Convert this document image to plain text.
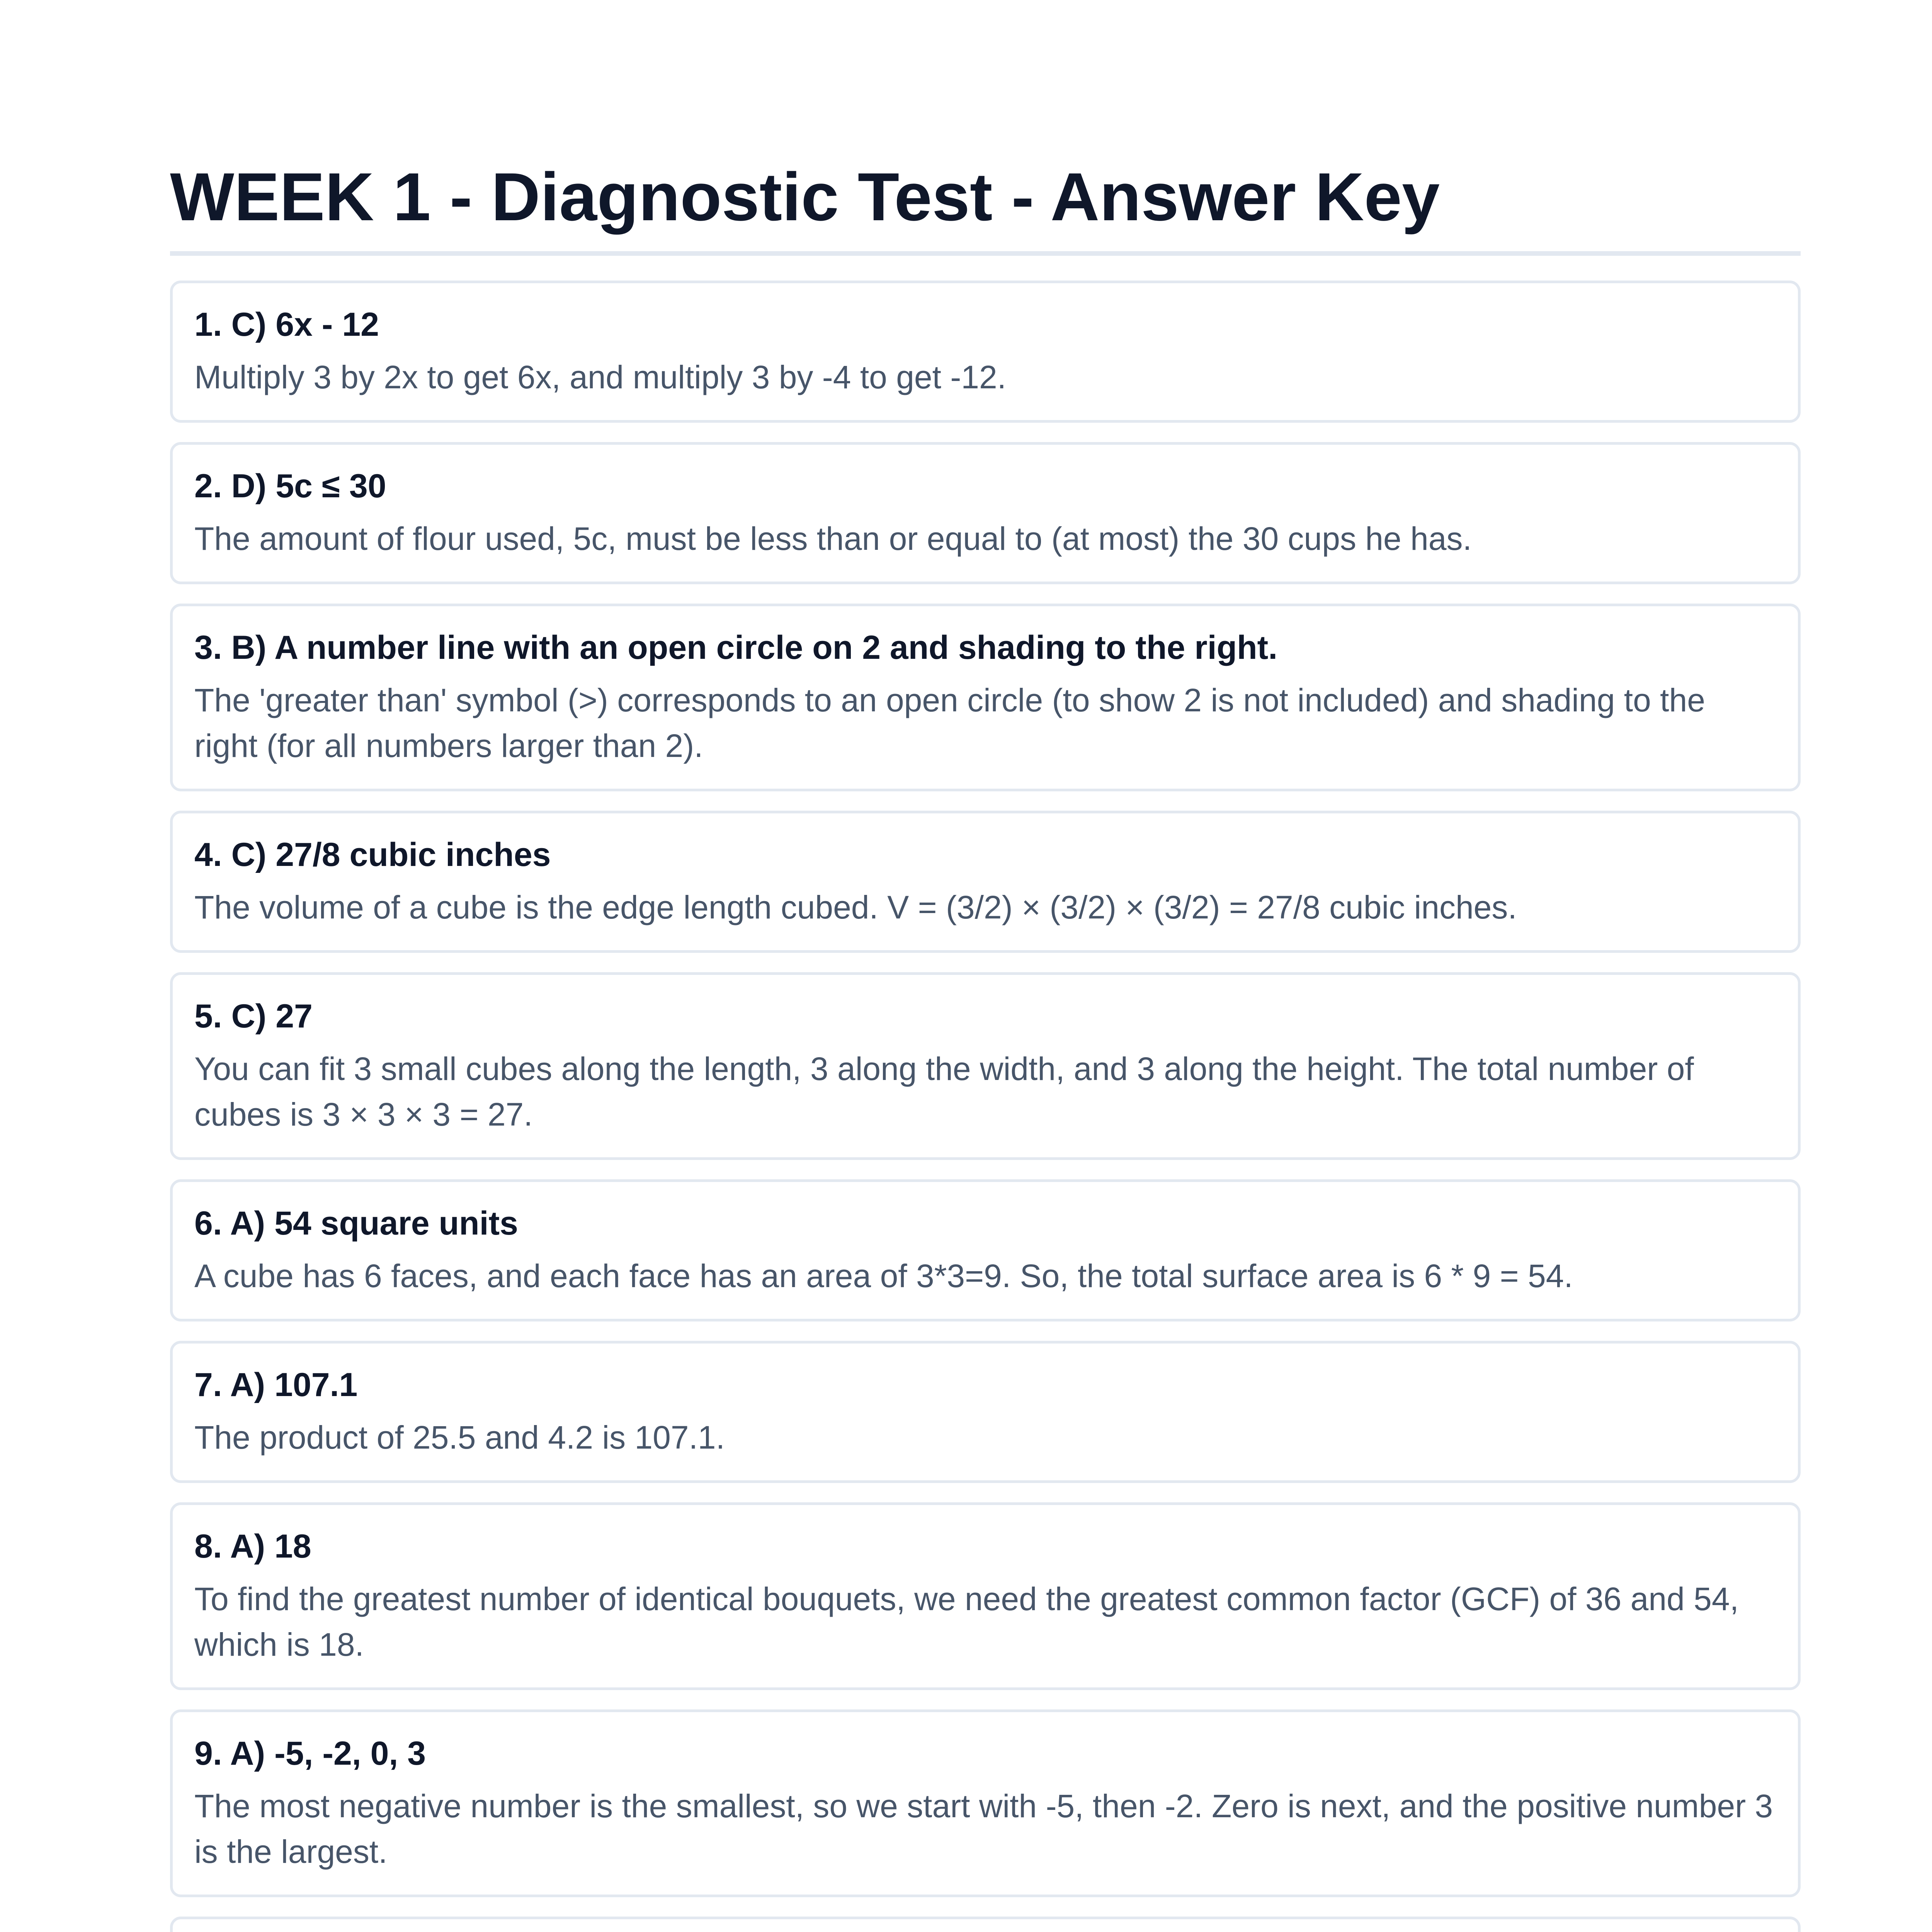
WEEK 1 - Diagnostic Test - Answer Key

1. C) 6x - 12

Multiply 3 by 2x to get 6x, and multiply 3 by -4 to get -12.

2. D) 5c ≤ 30

The amount of flour used, 5c, must be less than or equal to (at most) the 30 cups he has.

3. B) A number line with an open circle on 2 and shading to the right.

The 'greater than' symbol (>) corresponds to an open circle (to show 2 is not included) and shading to the right (for all numbers larger than 2).

4. C) 27/8 cubic inches

The volume of a cube is the edge length cubed. V = (3/2) × (3/2) × (3/2) = 27/8 cubic inches.

5. C) 27

You can fit 3 small cubes along the length, 3 along the width, and 3 along the height. The total number of cubes is 3 × 3 × 3 = 27.

6. A) 54 square units

A cube has 6 faces, and each face has an area of 3*3=9. So, the total surface area is 6 * 9 = 54.

7. A) 107.1

The product of 25.5 and 4.2 is 107.1.

8. A) 18

To find the greatest number of identical bouquets, we need the greatest common factor (GCF) of 36 and 54, which is 18.

9. A) -5, -2, 0, 3

The most negative number is the smallest, so we start with -5, then -2. Zero is next, and the positive number 3 is the largest.
